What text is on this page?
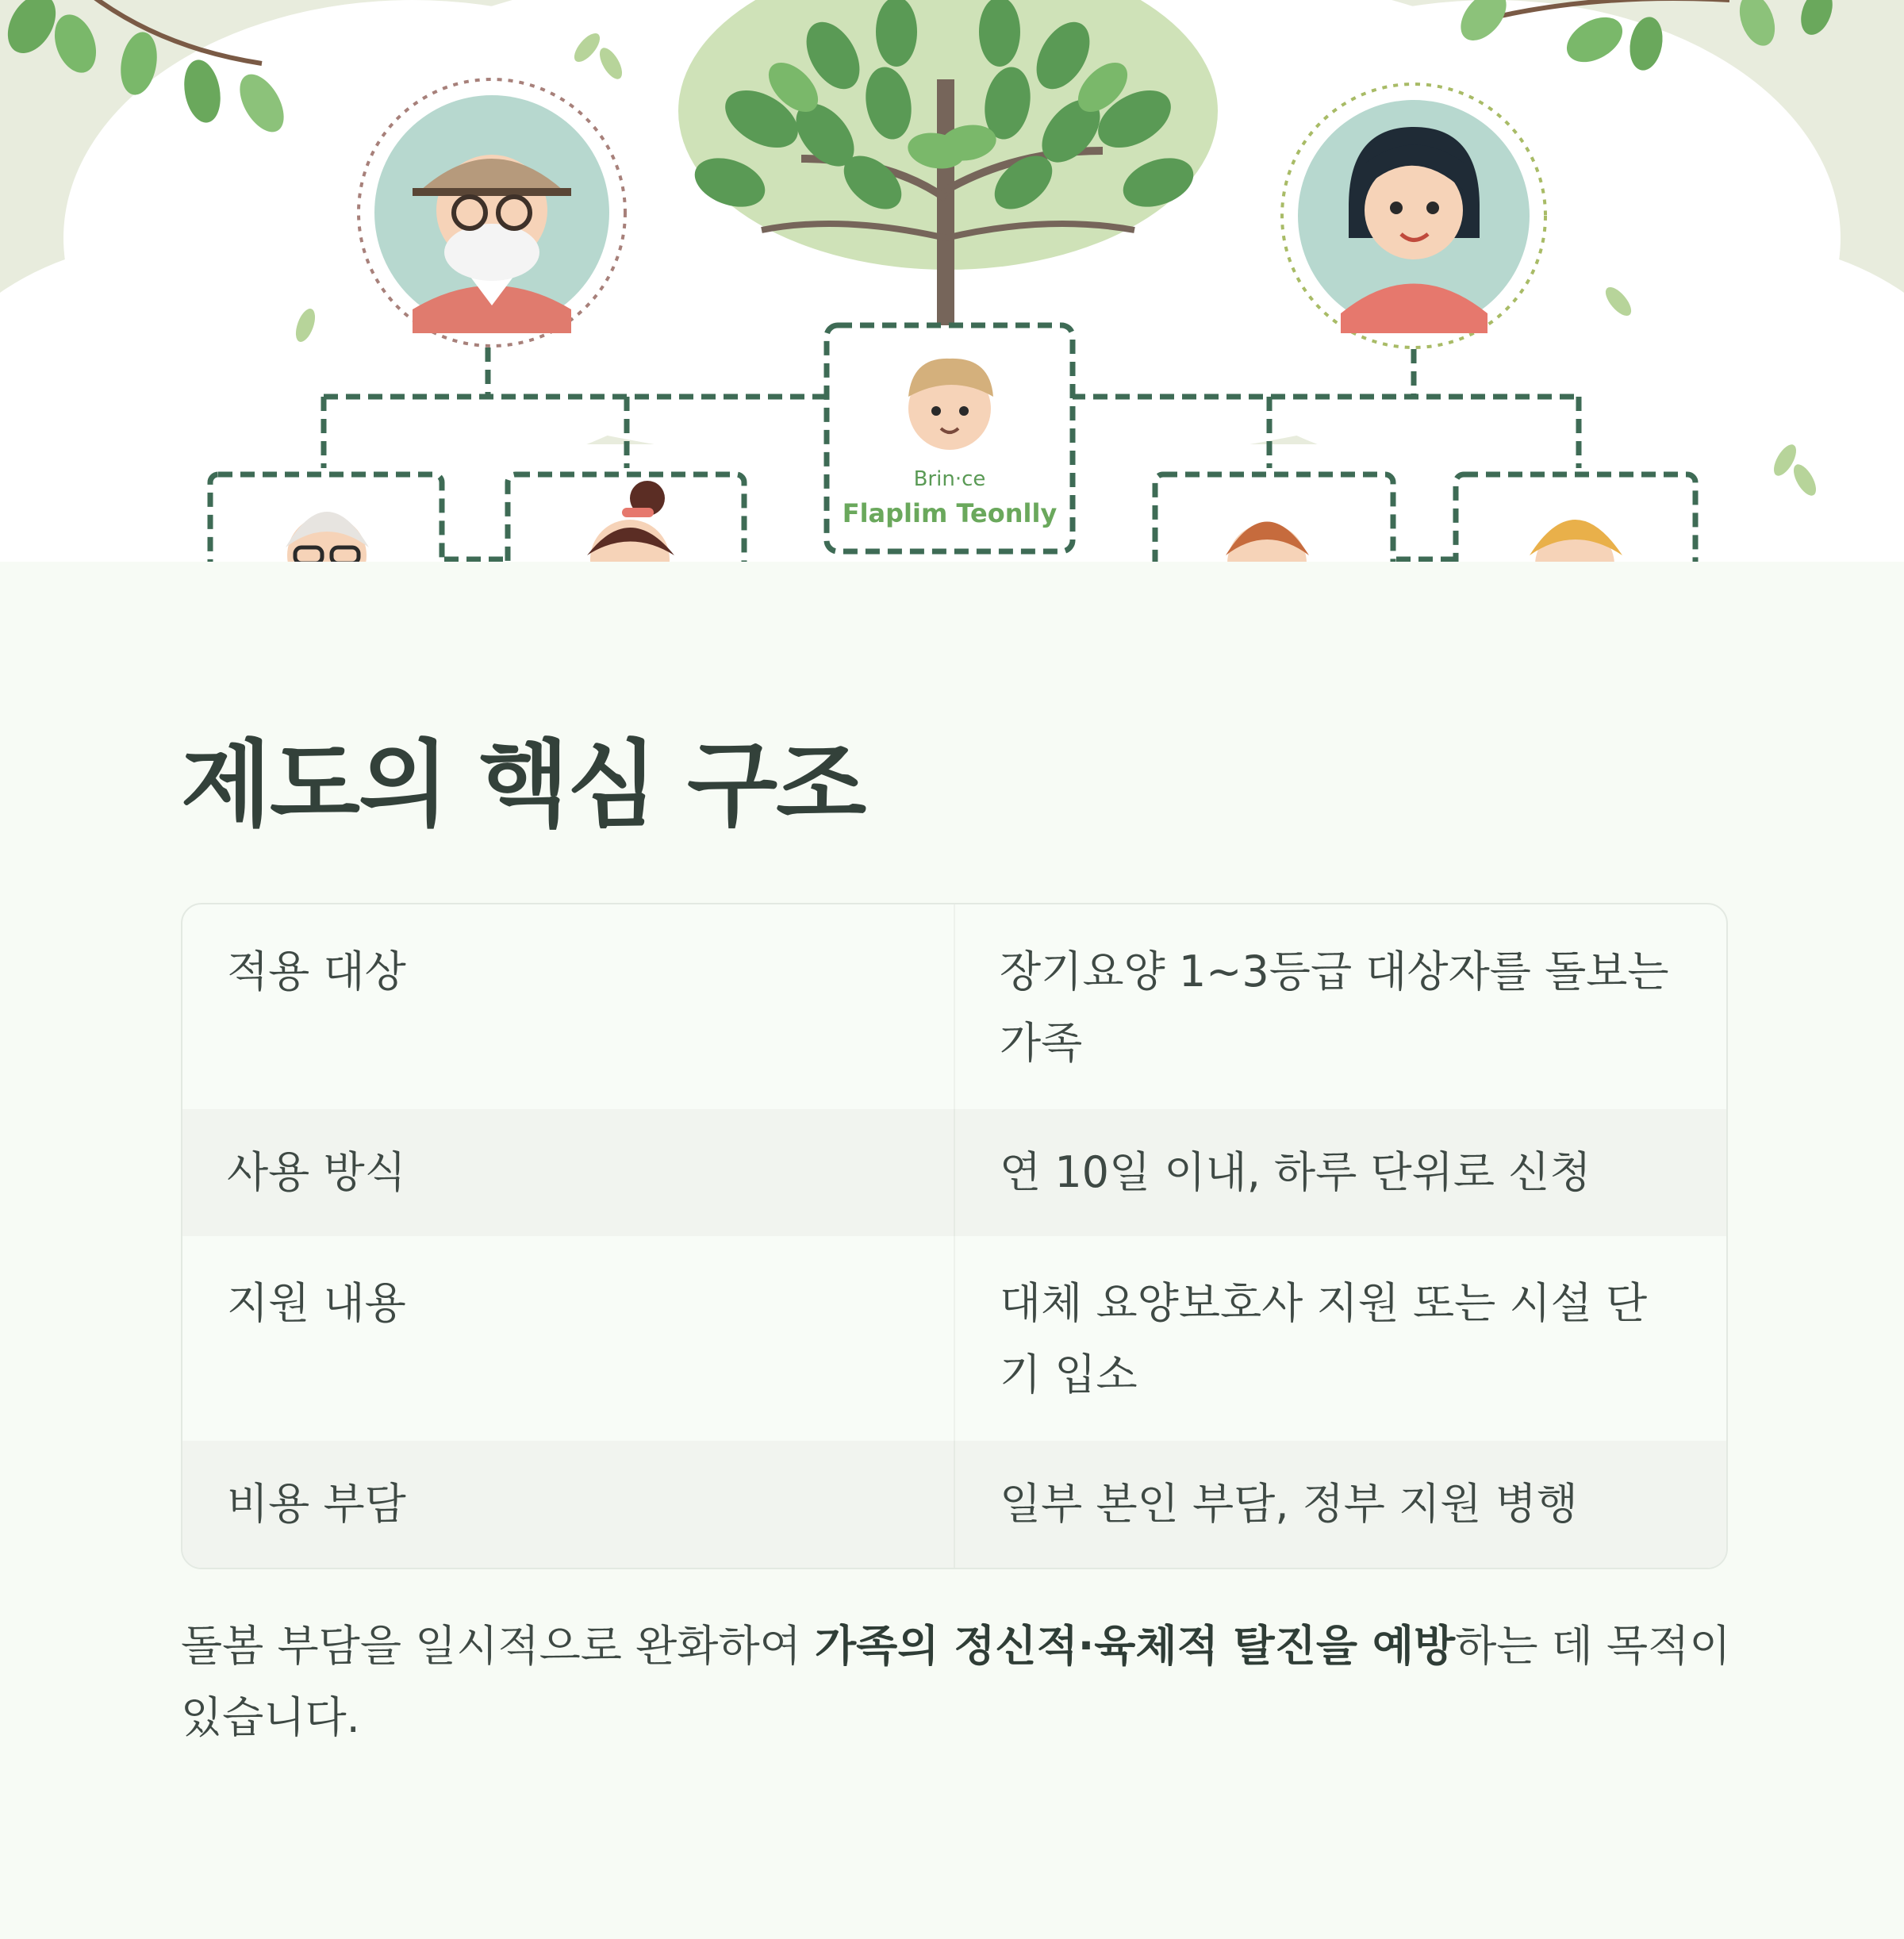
Brin·ce
Flaplim Teonlly
제도의 핵심 구조
적용 대상	장기요양 1~3등급 대상자를 돌보는 가족
사용 방식	연 10일 이내, 하루 단위로 신청
지원 내용	대체 요양보호사 지원 또는 시설 단기 입소
비용 부담	일부 본인 부담, 정부 지원 병행

돌봄 부담을 일시적으로 완화하여 가족의 정신적·육체적 탈진을 예방하는 데 목적이 있습니다.
